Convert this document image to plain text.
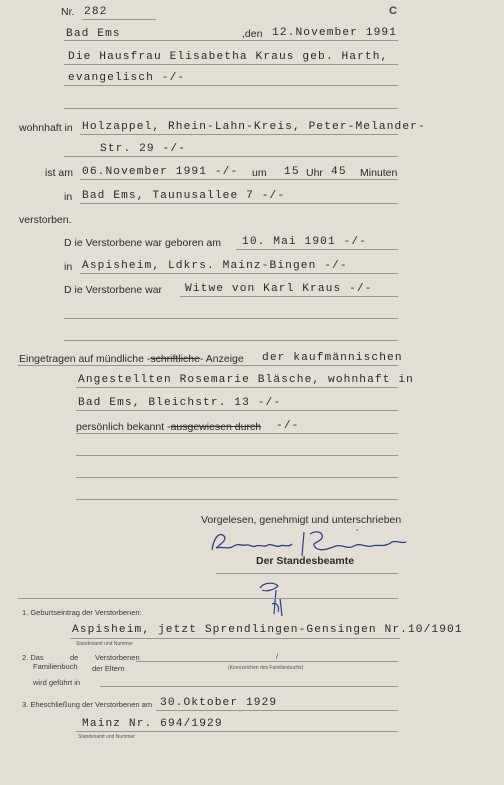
Nr. 282	C
Bad Ems	,den 12.November 1991
Die Hausfrau Elisabetha Kraus geb. Harth,
evangelisch -/-
wohnhaft in Holzappel, Rhein-Lahn-Kreis, Peter-Melander-
Str. 29 -/-
ist am 06.November 1991 -/- um 15 Uhr 45 Minuten
in Bad Ems, Taunusallee 7 -/-
verstorben.
D ie Verstorbene war geboren am 10. Mai 1901 -/-
in Aspisheim, Ldkrs. Mainz-Bingen -/-
D ie Verstorbene war Witwe von Karl Kraus -/-
Eingetragen auf mündliche -schriftliche- Anzeige der kaufmännischen
Angestellten Rosemarie Bläsche, wohnhaft in
Bad Ems, Bleichstr. 13 -/-
persönlich bekannt -ausgewiesen durch -/-
Vorgelesen, genehmigt und unterschrieben
"
Der Standesbeamte
1. Geburtseintrag der Verstorbenen:
Aspisheim, jetzt Sprendlingen-Gensingen Nr.10/1901
Standesamt und Nummer
2. Das	de Verstorbenen	/
Familienbuch der Eltern	(Kennzeichen des Familienbuchs)
wird geführt in
3. Eheschließung der Verstorbenen am 30.Oktober 1929
Mainz Nr. 694/1929
Standesamt und Nummer
